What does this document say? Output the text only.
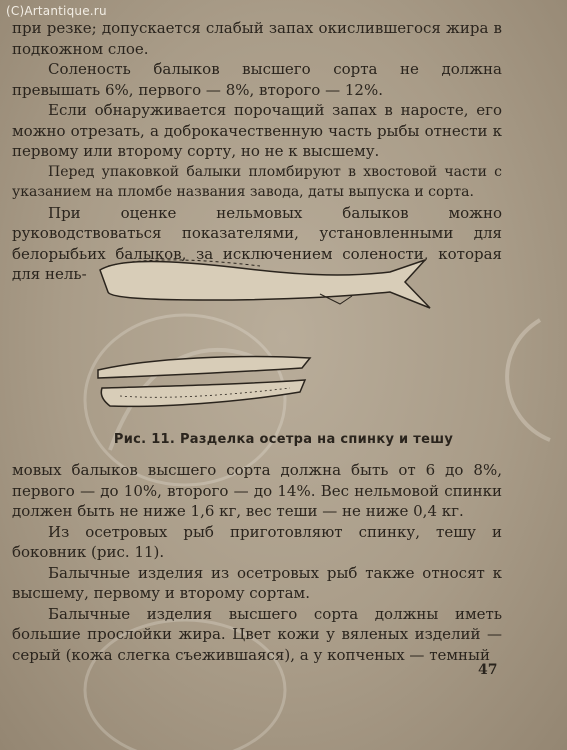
(C)Artantique.ru

при резке; допускается слабый запах окислившегося жира в подкожном слое.

Соленость балыков высшего сорта не должна превышать 6%, первого — 8%, второго — 12%.

Если обнаруживается порочащий запах в наросте, его можно отрезать, а доброкачественную часть рыбы отнести к первому или второму сорту, но не к высшему.

Перед упаковкой балыки пломбируют в хвостовой части с указанием на пломбе названия завода, даты выпуска и сорта.

При оценке нельмовых балыков можно руководствоваться показателями, установленными для белорыбьих балыков, за исключением солености, которая для нель-

Рис. 11. Разделка осетра на спинку и тешу

мовых балыков высшего сорта должна быть от 6 до 8%, первого — до 10%, второго — до 14%. Вес нельмовой спинки должен быть не ниже 1,6 кг, вес теши — не ниже 0,4 кг.

Из осетровых рыб приготовляют спинку, тешу и боковник (рис. 11).

Балычные изделия из осетровых рыб также относят к высшему, первому и второму сортам.

Балычные изделия высшего сорта должны иметь большие прослойки жира. Цвет кожи у вяленых изделий — серый (кожа слегка съежившаяся), а у копченых — темный

47
